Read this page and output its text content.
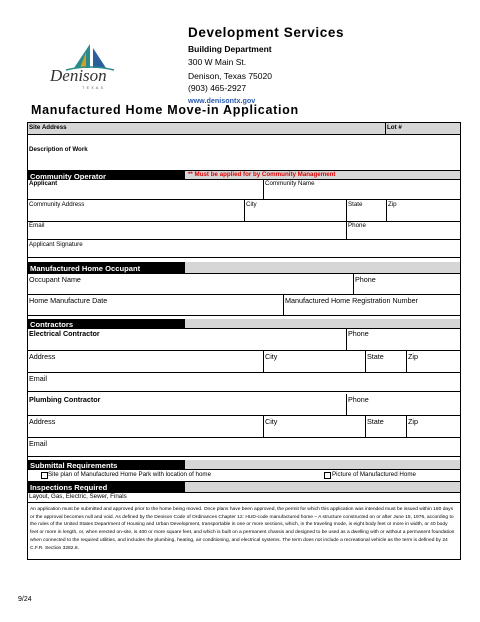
Denison
TEXAS
Development Services
Building Department
300 W Main St.
Denison, Texas 75020
(903) 465-2927
www.denisontx.gov
Manufactured Home Move-in Application
Site Address	Lot #
Description of Work
Community Operator	** Must be applied for by Community Management
Applicant	Community Name
Community Address	City	State	Zip
Email	Phone
Applicant Signature
Manufactured Home Occupant
Occupant Name	Phone
Home Manufacture Date	Manufactured Home Registration Number
Contractors
Electrical Contractor	Phone
Address	City	State	Zip
Email
Plumbing Contractor	Phone
Address	City	State	Zip
Email
Submittal Requirements
Site plan of Manufactured Home Park with location of home	Picture of Manufactured Home
Inspections Required
Layout, Gas, Electric, Sewer, Finals
An application must be submitted and approved prior to the home being moved. Once plans have been approved, the permit for which this application was intended must be issued within 180 days or the approval becomes null and void. As defined by the Denison Code of Ordinances Chapter 12: HUD-code manufactured home – A structure constructed on or after June 15, 1976, according to the rules of the United States Department of Housing and Urban Development, transportable in one or more sections, which, in the traveling mode, is eight body feet or more in width, or 40 body feet or more in length, or, when erected on-site, is 400 or more square feet, and which is built on a permanent chassis and designed to be used as a dwelling with or without a permanent foundation when connected to the required utilities, and includes the plumbing, heating, air conditioning, and electrical systems. The term does not include a recreational vehicle as the term is defined by 24 C.F.R. Section 3282.8.
9/24
